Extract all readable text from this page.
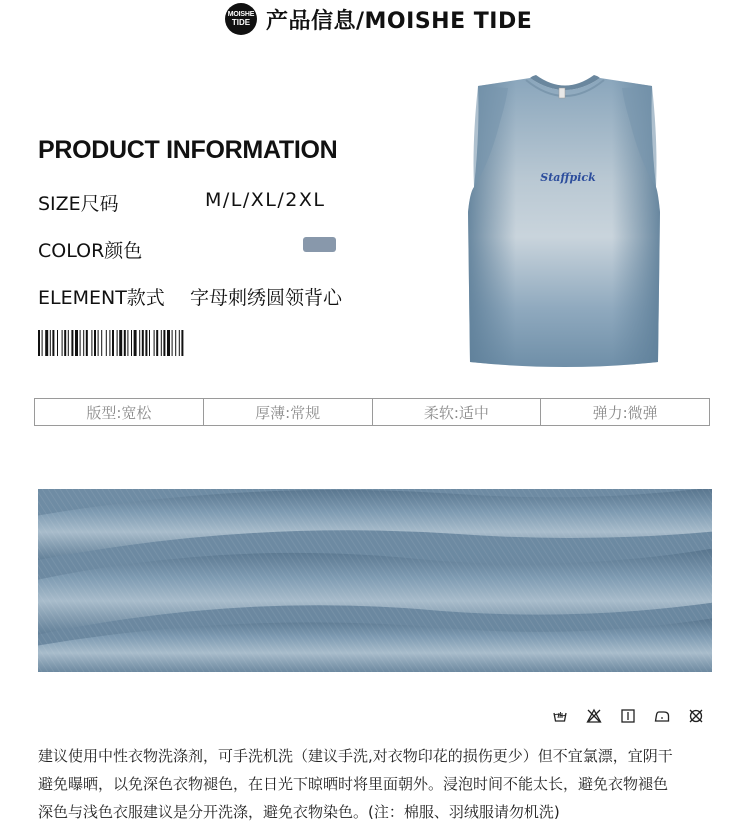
MOISHE
TIDE 产品信息/MOISHE TIDE
PRODUCT INFORMATION
SIZE尺码	M/L/XL/2XL
COLOR颜色
ELEMENT款式 字母刺绣圆领背心
Staffpick
版型:宽松	厚薄:常规	柔软:适中	弹力:微弹
建议使用中性衣物洗涤剂，可手洗机洗（建议手洗,对衣物印花的损伤更少）但不宜氯漂，宜阴干
避免曝晒，以免深色衣物褪色，在日光下晾晒时将里面朝外。浸泡时间不能太长，避免衣物褪色
深色与浅色衣服建议是分开洗涤，避免衣物染色。(注：棉服、羽绒服请勿机洗)
